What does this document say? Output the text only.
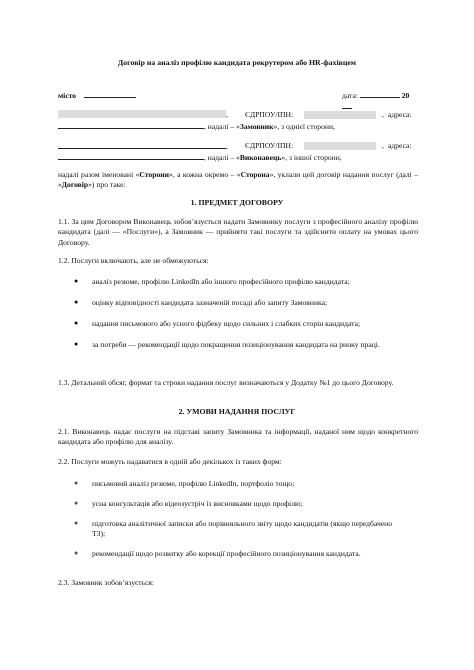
Договір на аналіз профілю кандидата рекрутером або HR-фахівцем
місто	дата:	20
, ЄДРПОУ/ІПН:	, адреса:
, надалі – «Замовник», з однієї сторони,
, ЄДРПОУ/ІПН:	, адреса:
, надалі – «Виконавець», з іншої сторони,
надалі разом іменовані «Сторони», а кожна окремо – «Сторона», уклали цей договір надання послуг (далі – «Договір») про таке:
1. ПРЕДМЕТ ДОГОВОРУ
1.1. За цим Договором Виконавець зобов’язується надати Замовнику послуги з професійного аналізу профілю кандидата (далі — «Послуги»), а Замовник — прийняти такі послуги та здійснити оплату на умовах цього Договору.
1.2. Послуги включають, але не обмежуються:
● аналіз резюме, профілю LinkedIn або іншого професійного профілю кандидата;
● оцінку відповідності кандидата зазначеній посаді або запиту Замовника;
● надання письмового або усного фідбеку щодо сильних і слабких сторін кандидата;
● за потреби — рекомендації щодо покращення позиціонування кандидата на ринку праці.
1.3. Детальний обсяг, формат та строки надання послуг визначаються у Додатку №1 до цього Договору.
2. УМОВИ НАДАННЯ ПОСЛУГ
2.1. Виконавець надає послуги на підставі запиту Замовника та інформації, наданої ним щодо конкретного кандидата або профілю для аналізу.
2.2. Послуги можуть надаватися в одній або декількох із таких форм:
● письмовий аналіз резюме, профілю LinkedIn, портфоліо тощо;
● усна консультація або відеозустріч із висновками щодо профілю;
● підготовка аналітичної записки або порівняльного звіту щодо кандидатів (якщо передбачено ТЗ);
● рекомендації щодо розвитку або корекції професійного позиціонування кандидата.
2.3. Замовник зобов’язується:
